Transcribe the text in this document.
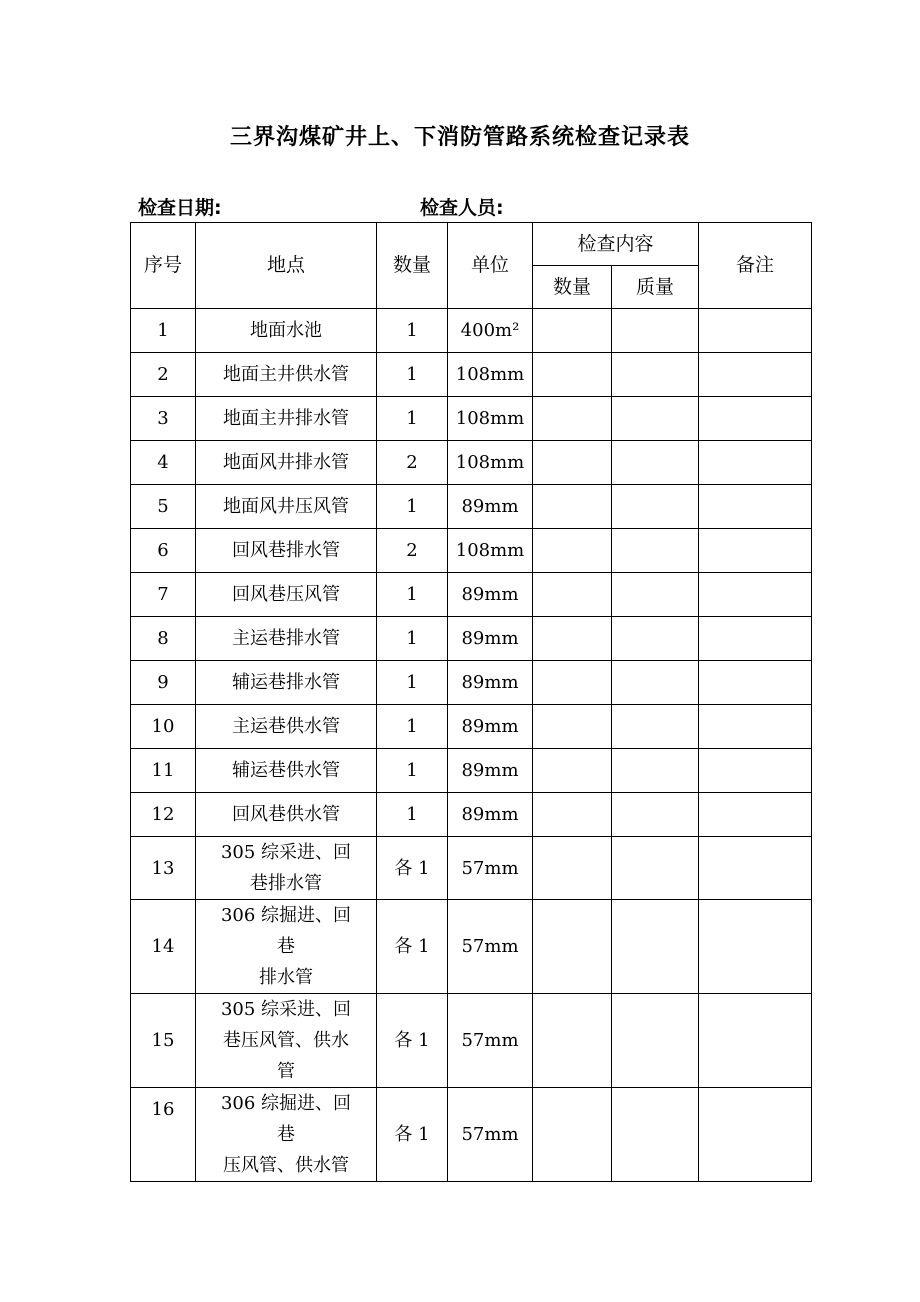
三界沟煤矿井上、下消防管路系统检查记录表
检查日期:	检查人员:
序号	地点	数量	单位	检查内容		备注
				数量	质量	
1	地面水池	1	400m²			
2	地面主井供水管	1	108mm			
3	地面主井排水管	1	108mm			
4	地面风井排水管	2	108mm			
5	地面风井压风管	1	89mm			
6	回风巷排水管	2	108mm			
7	回风巷压风管	1	89mm			
8	主运巷排水管	1	89mm			
9	辅运巷排水管	1	89mm			
10	主运巷供水管	1	89mm			
11	辅运巷供水管	1	89mm			
12	回风巷供水管	1	89mm			
13	305 综采进、回
巷排水管	各 1	57mm			
14	306 综掘进、回
巷
排水管	各 1	57mm			
15	305 综采进、回
巷压风管、供水
管	各 1	57mm			
16	306 综掘进、回
巷
压风管、供水管	各 1	57mm			
